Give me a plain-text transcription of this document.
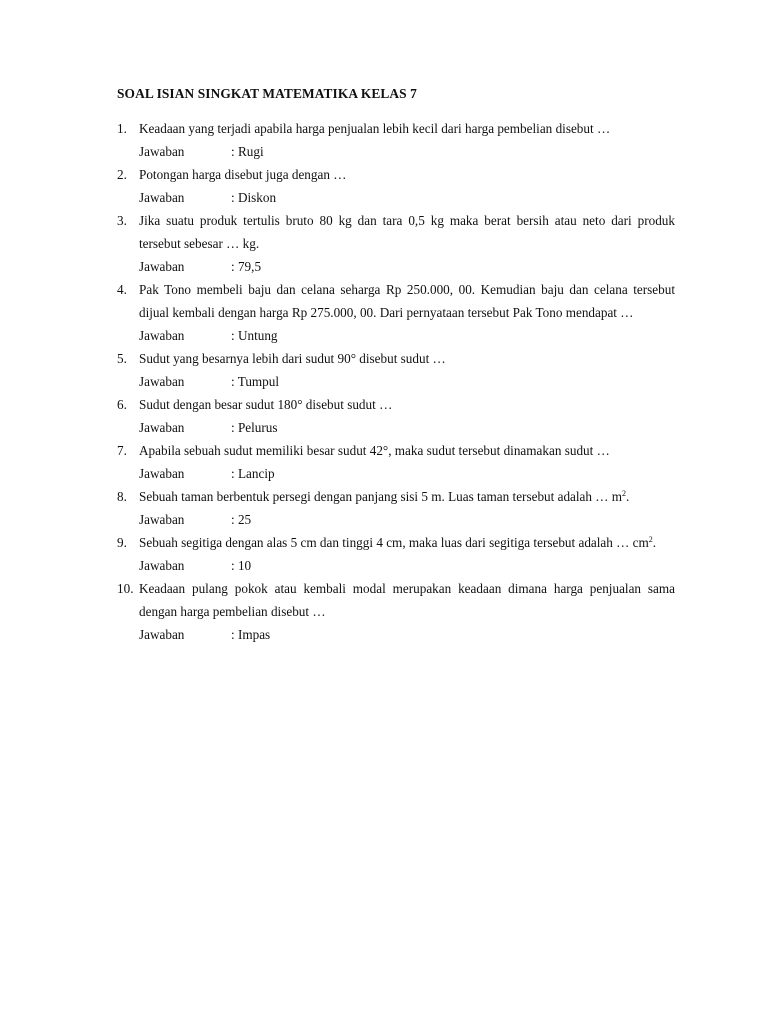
SOAL ISIAN SINGKAT MATEMATIKA KELAS 7
1. Keadaan yang terjadi apabila harga penjualan lebih kecil dari harga pembelian disebut …
Jawaban	: Rugi
2. Potongan harga disebut juga dengan …
Jawaban	: Diskon
3. Jika suatu produk tertulis bruto 80 kg dan tara 0,5 kg maka berat bersih atau neto dari produk tersebut sebesar … kg.
Jawaban	: 79,5
4. Pak Tono membeli baju dan celana seharga Rp 250.000, 00. Kemudian baju dan celana tersebut dijual kembali dengan harga Rp 275.000, 00. Dari pernyataan tersebut Pak Tono mendapat …
Jawaban	: Untung
5. Sudut yang besarnya lebih dari sudut 90° disebut sudut …
Jawaban	: Tumpul
6. Sudut dengan besar sudut 180° disebut sudut …
Jawaban	: Pelurus
7. Apabila sebuah sudut memiliki besar sudut 42°, maka sudut tersebut dinamakan sudut …
Jawaban	: Lancip
8. Sebuah taman berbentuk persegi dengan panjang sisi 5 m. Luas taman tersebut adalah … $m^2$.
Jawaban	: 25
9. Sebuah segitiga dengan alas 5 cm dan tinggi 4 cm, maka luas dari segitiga tersebut adalah … $cm^2$.
Jawaban	: 10
10. Keadaan pulang pokok atau kembali modal merupakan keadaan dimana harga penjualan sama dengan harga pembelian disebut …
Jawaban	: Impas
